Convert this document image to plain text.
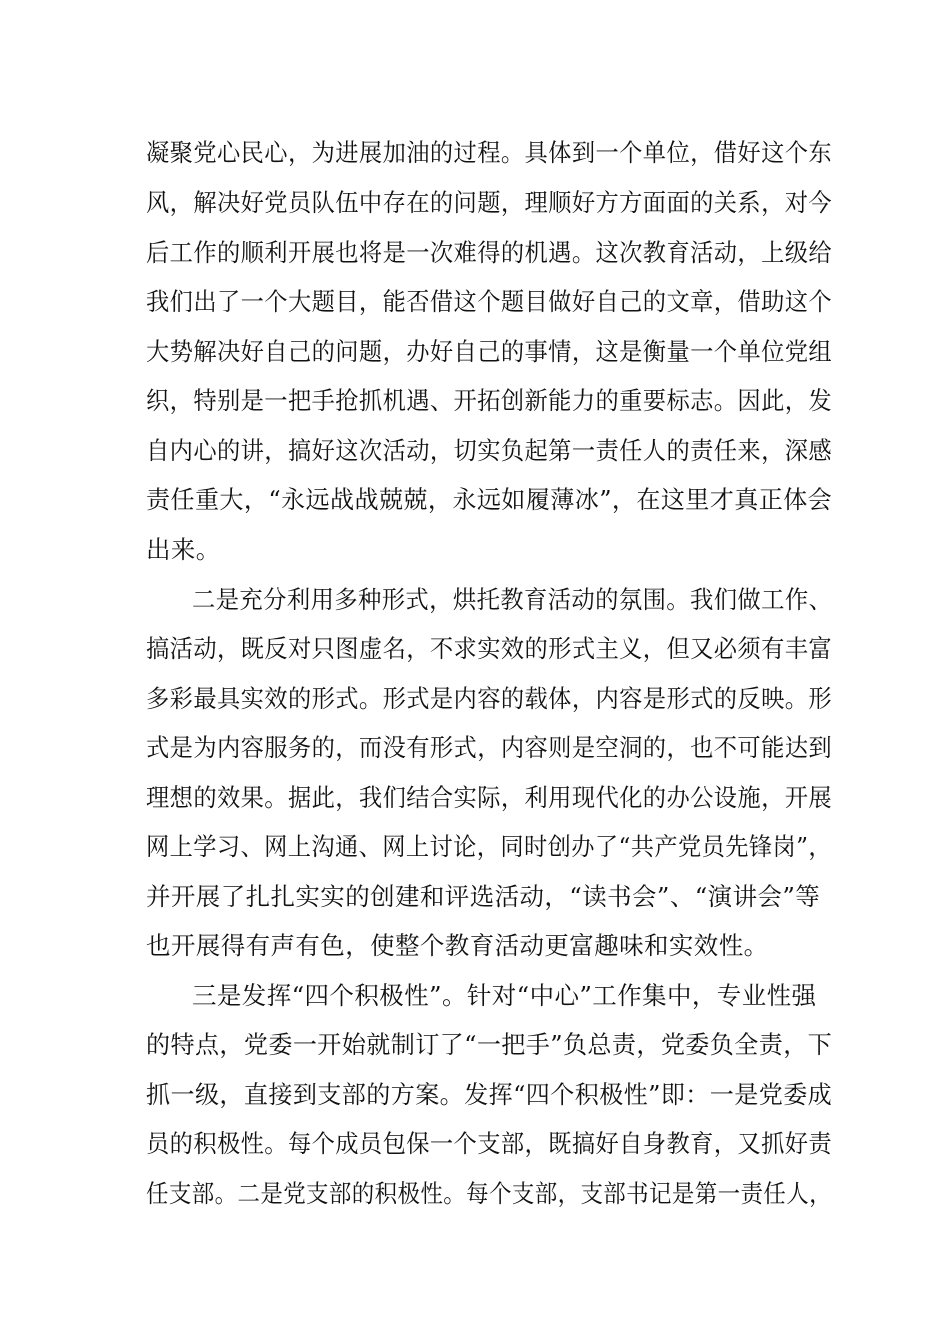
凝聚党心民心，为进展加油的过程。具体到一个单位，借好这个东
风，解决好党员队伍中存在的问题，理顺好方方面面的关系，对今
后工作的顺利开展也将是一次难得的机遇。这次教育活动，上级给
我们出了一个大题目，能否借这个题目做好自己的文章，借助这个
大势解决好自己的问题，办好自己的事情，这是衡量一个单位党组
织，特别是一把手抢抓机遇、开拓创新能力的重要标志。因此，发
自内心的讲，搞好这次活动，切实负起第一责任人的责任来，深感
责任重大，“永远战战兢兢，永远如履薄冰”，在这里才真正体会
出来。
二是充分利用多种形式，烘托教育活动的氛围。我们做工作、
搞活动，既反对只图虚名，不求实效的形式主义，但又必须有丰富
多彩最具实效的形式。形式是内容的载体，内容是形式的反映。形
式是为内容服务的，而没有形式，内容则是空洞的，也不可能达到
理想的效果。据此，我们结合实际，利用现代化的办公设施，开展
网上学习、网上沟通、网上讨论，同时创办了“共产党员先锋岗”，
并开展了扎扎实实的创建和评选活动，“读书会”、“演讲会”等
也开展得有声有色，使整个教育活动更富趣味和实效性。
三是发挥“四个积极性”。针对“中心”工作集中，专业性强
的特点，党委一开始就制订了“一把手”负总责，党委负全责，下
抓一级，直接到支部的方案。发挥“四个积极性”即：一是党委成
员的积极性。每个成员包保一个支部，既搞好自身教育，又抓好责
任支部。二是党支部的积极性。每个支部，支部书记是第一责任人，
